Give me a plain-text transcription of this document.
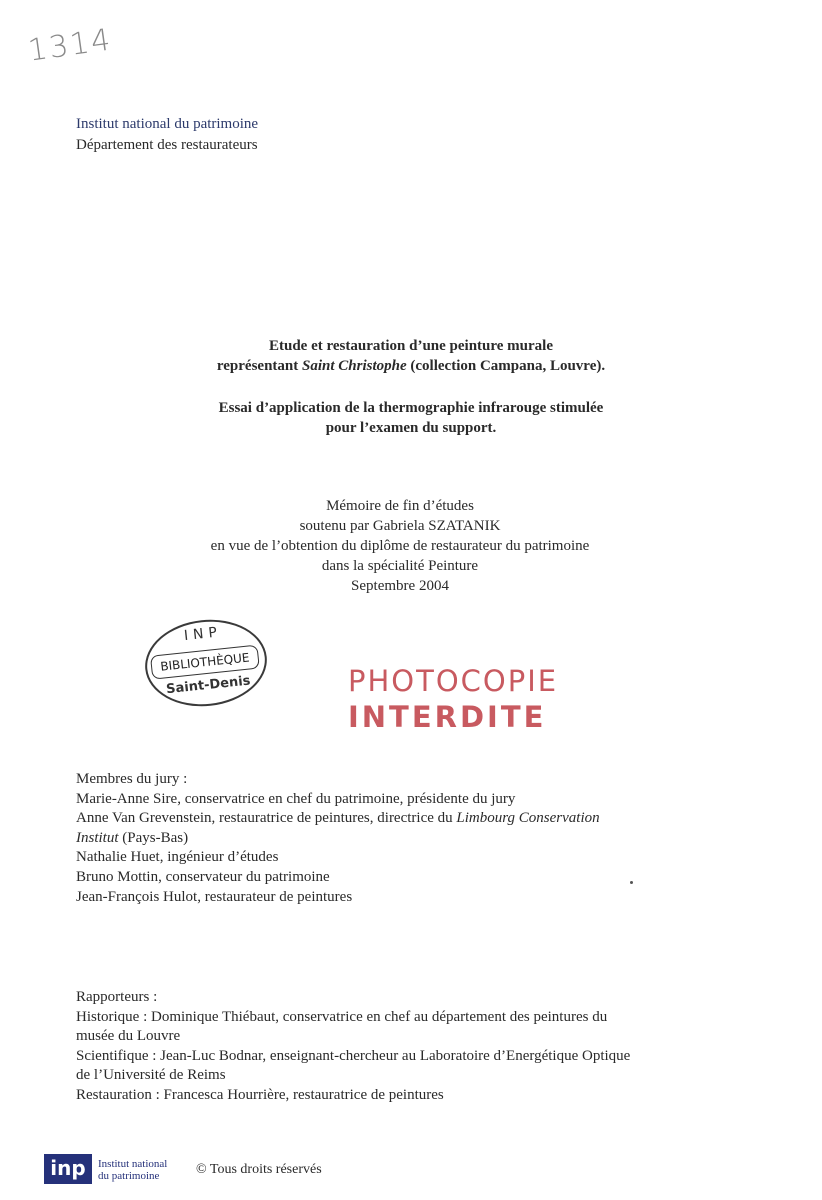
1314
Institut national du patrimoine
Département des restaurateurs
Etude et restauration d’une peinture murale
représentant Saint Christophe (collection Campana, Louvre).
Essai d’application de la thermographie infrarouge stimulée
pour l’examen du support.
Mémoire de fin d’études
soutenu par Gabriela SZATANIK
en vue de l’obtention du diplôme de restaurateur du patrimoine
dans la spécialité Peinture
Septembre 2004
INP
BIBLIOTHÈQUE
Saint-Denis	PHOTOCOPIE
INTERDITE
Membres du jury :
Marie-Anne Sire, conservatrice en chef du patrimoine, présidente du jury
Anne Van Grevenstein, restauratrice de peintures, directrice du Limbourg Conservation
Institut (Pays-Bas)
Nathalie Huet, ingénieur d’études
Bruno Mottin, conservateur du patrimoine
Jean-François Hulot, restaurateur de peintures
Rapporteurs :
Historique : Dominique Thiébaut, conservatrice en chef au département des peintures du
musée du Louvre
Scientifique : Jean-Luc Bodnar, enseignant-chercheur au Laboratoire d’Energétique Optique
de l’Université de Reims
Restauration : Francesca Hourrière, restauratrice de peintures
inp	Institut national
du patrimoine	© Tous droits réservés
